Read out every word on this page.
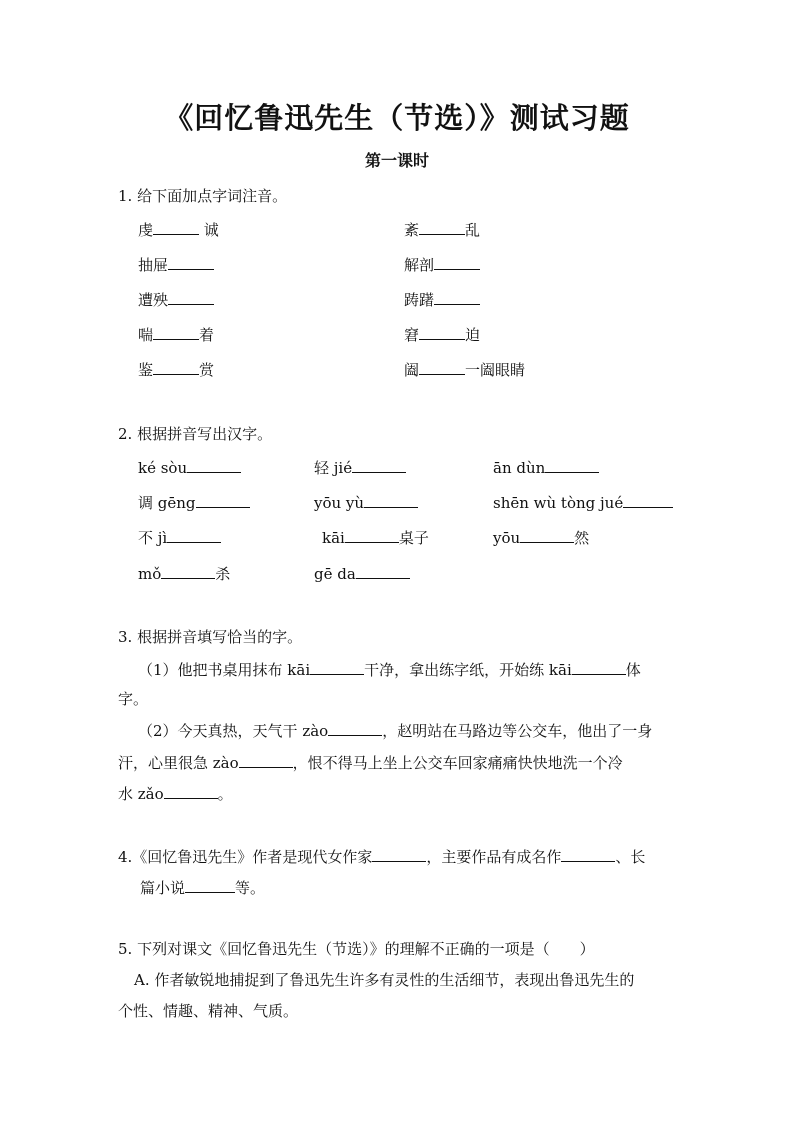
《回忆鲁迅先生（节选）》测试习题
第一课时
1. 给下面加点字词注音。
虔	诚	紊	乱
抽屉	解剖
遭殃	踌躇
喘	着	窘	迫
鉴	赏	阖	一阖眼睛
2. 根据拼音写出汉字。
ké sòu	轻 jié	ān dùn
调 gēng	yōu yù	shēn wù tòng jué
不 jì	kāi	桌子	yōu	然
mǒ	杀	gē da
3. 根据拼音填写恰当的字。
（1）他把书桌用抹布 kāi	干净，拿出练字纸，开始练 kāi	体
字。
（2）今天真热，天气干 zào	，赵明站在马路边等公交车，他出了一身
汗，心里很急 zào	，恨不得马上坐上公交车回家痛痛快快地洗一个冷
水 zǎo	。
4.《回忆鲁迅先生》作者是现代女作家	，主要作品有成名作	、长
篇小说	等。
5. 下列对课文《回忆鲁迅先生（节选）》的理解不正确的一项是（　　）
A. 作者敏锐地捕捉到了鲁迅先生许多有灵性的生活细节，表现出鲁迅先生的
个性、情趣、精神、气质。
